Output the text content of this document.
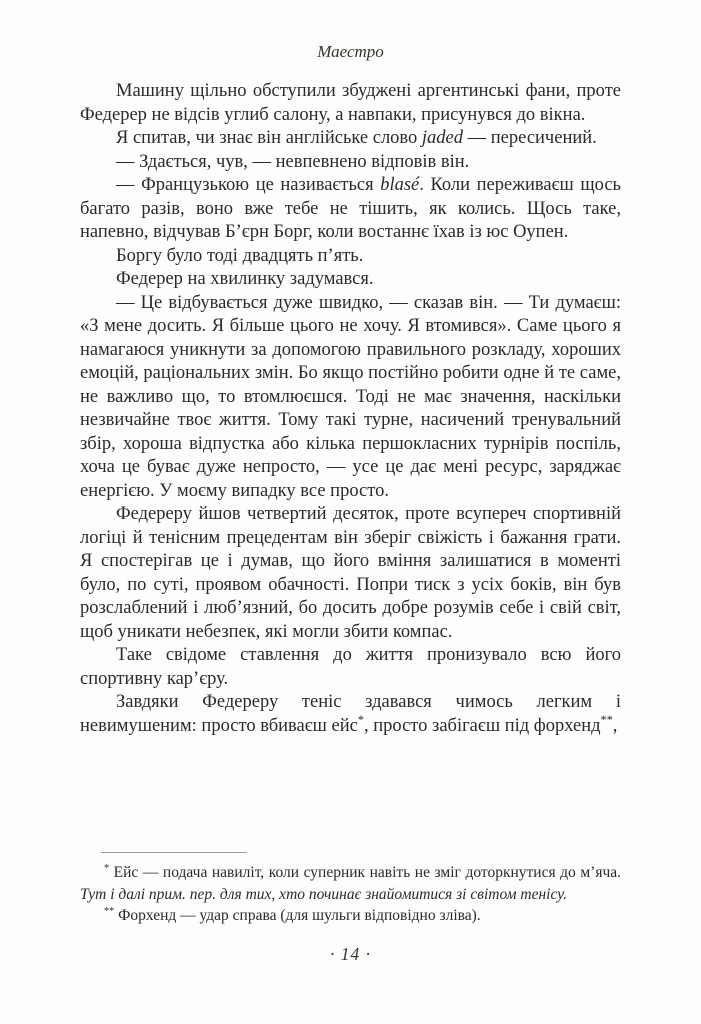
Маестро

Машину щільно обступили збуджені аргентинські фани, проте Федерер не відсів углиб салону, а навпаки, присунувся до вікна.

Я спитав, чи знає він англійське слово jaded — пересичений.

— Здається, чув, — невпевнено відповів він.

— Французькою це називається blasé. Коли переживаєш щось багато разів, воно вже тебе не тішить, як колись. Щось таке, напевно, відчував Б’єрн Борг, коли востаннє їхав із юс Оупен.

Боргу було тоді двадцять п’ять.

Федерер на хвилинку задумався.

— Це відбувається дуже швидко, — сказав він. — Ти думаєш: «З мене досить. Я більше цього не хочу. Я втомився». Саме цього я намагаюся уникнути за допомогою правильного розкладу, хороших емоцій, раціональних змін. Бо якщо постійно робити одне й те саме, не важливо що, то втомлюєшся. Тоді не має значення, наскільки незвичайне твоє життя. Тому такі турне, насичений тренувальний збір, хороша відпустка або кілька першокласних турнірів поспіль, хоча це буває дуже непросто, — усе це дає мені ресурс, заряджає енергією. У моєму випадку все просто.

Федереру йшов четвертий десяток, проте всупереч спортивній логіці й тенісним прецедентам він зберіг свіжість і бажання грати. Я спостерігав це і думав, що його вміння залишатися в моменті було, по суті, проявом обачності. Попри тиск з усіх боків, він був розслаблений і люб’язний, бо досить добре розумів себе і свій світ, щоб уникати небезпек, які могли збити компас.

Таке свідоме ставлення до життя пронизувало всю його спортивну кар’єру.

Завдяки Федереру теніс здавався чимось легким і невимушеним: просто вбиваєш ейс*, просто забігаєш під форхенд**,

* Ейс — подача навиліт, коли суперник навіть не зміг доторкнутися до м’яча. Тут і далі прим. пер. для тих, хто починає знайомитися зі світом тенісу.

** Форхенд — удар справа (для шульги відповідно зліва).

· 14 ·
